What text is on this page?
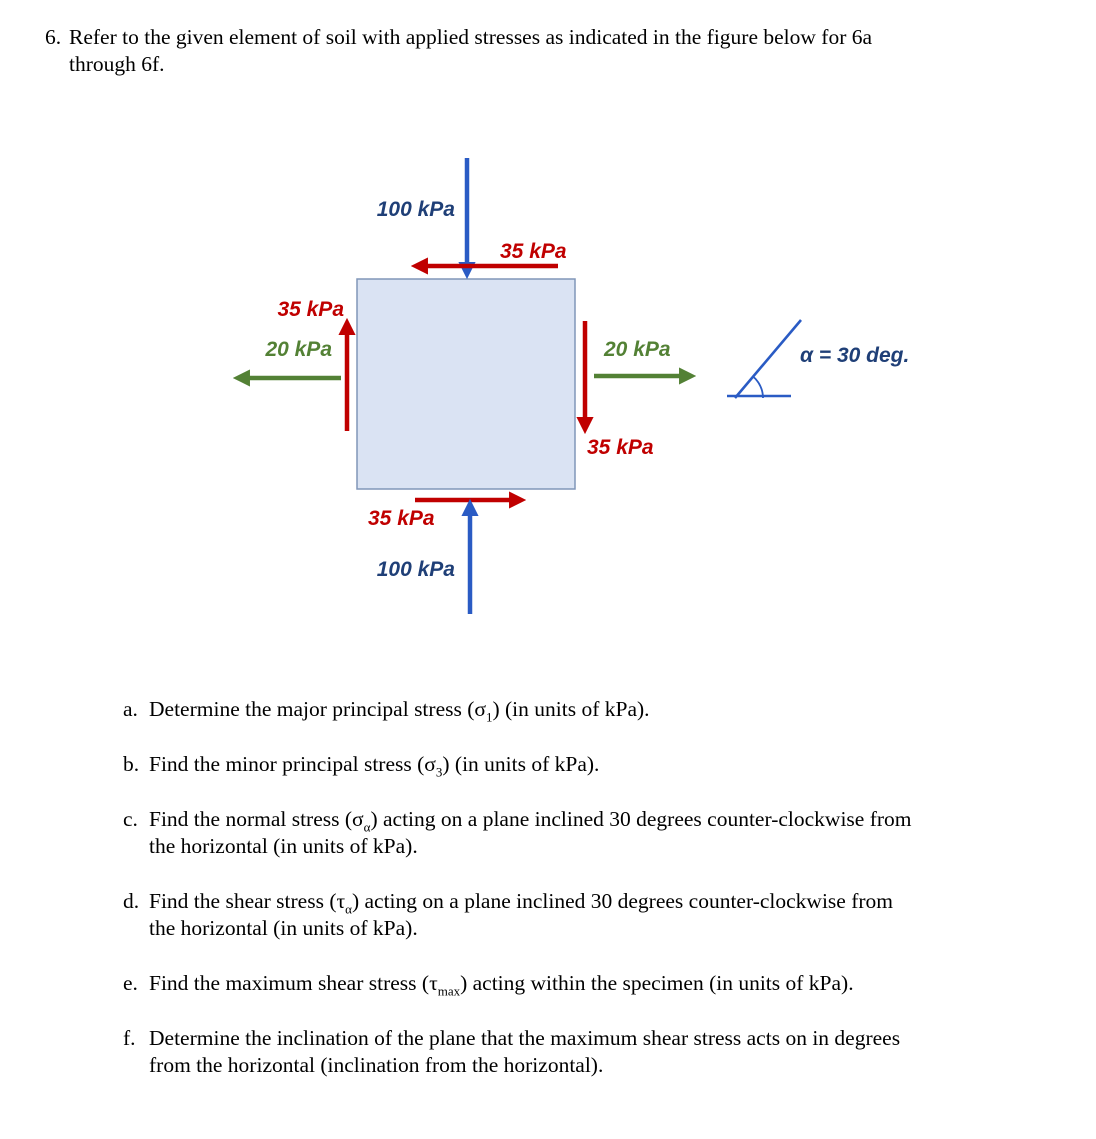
6. Refer to the given element of soil with applied stresses as indicated in the figure below for 6a
through 6f.

100 kPa
35 kPa
35 kPa
20 kPa	20 kPa
35 kPa
35 kPa
100 kPa
α = 30 deg.

a. Determine the major principal stress $(\sigma_1)$ (in units of kPa).

b. Find the minor principal stress $(\sigma_3)$ (in units of kPa).

c. Find the normal stress $(\sigma_\alpha)$ acting on a plane inclined 30 degrees counter-clockwise from
the horizontal (in units of kPa).

d. Find the shear stress $(\tau_\alpha)$ acting on a plane inclined 30 degrees counter-clockwise from
the horizontal (in units of kPa).

e. Find the maximum shear stress $(\tau_{max})$ acting within the specimen (in units of kPa).

f. Determine the inclination of the plane that the maximum shear stress acts on in degrees
from the horizontal (inclination from the horizontal).
